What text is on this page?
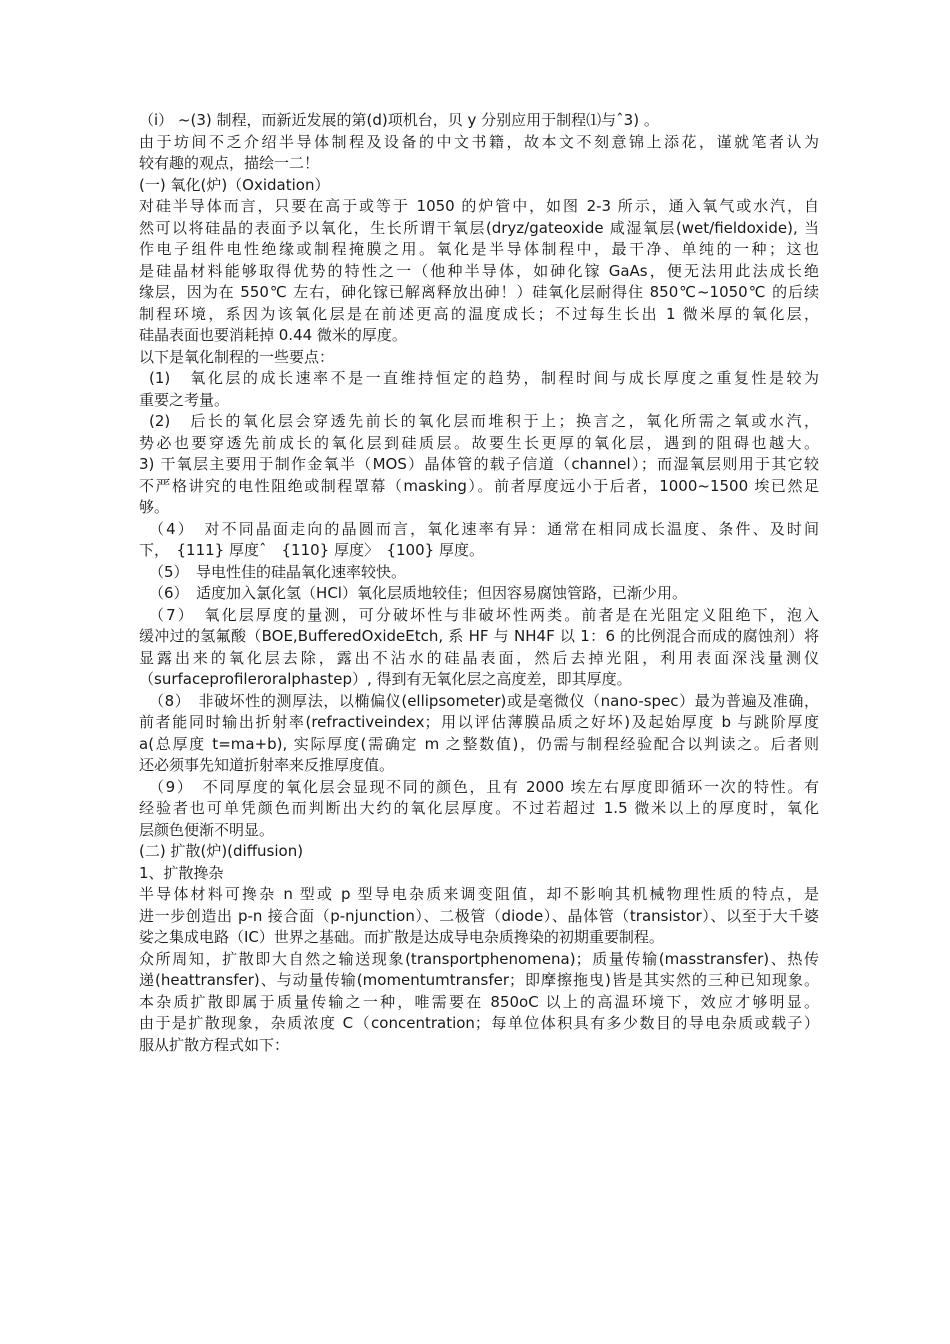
（i） ~(3) 制程，而新近发展的第(d)项机台，贝 y 分别应用于制程⑴与ˆ3) 。
由于坊间不乏介绍半导体制程及设备的中文书籍，故本文不刻意锦上添花，谨就笔者认为
较有趣的观点，描绘一二！
(一) 氧化(炉)（Oxidation）
对硅半导体而言，只要在高于或等于 1050 的炉管中，如图 2-3 所示，通入氧气或水汽，自
然可以将硅晶的表面予以氧化，生长所谓干氧层(dryz/gateoxide 咸湿氧层(wet/fieldoxide), 当
作电子组件电性绝缘或制程掩膜之用。氧化是半导体制程中，最干净、单纯的一种；这也
是硅晶材料能够取得优势的特性之一（他种半导体，如砷化镓 GaAs，便无法用此法成长绝
缘层，因为在 550℃ 左右，砷化镓已解离释放出砷！）硅氧化层耐得住 850℃~1050℃ 的后续
制程环境，系因为该氧化层是在前述更高的温度成长；不过每生长出 1 微米厚的氧化层，
硅晶表面也要消耗掉 0.44 微米的厚度。
以下是氧化制程的一些要点：
(1)　氧化层的成长速率不是一直维持恒定的趋势，制程时间与成长厚度之重复性是较为
重要之考量。
(2)　后长的氧化层会穿透先前长的氧化层而堆积于上；换言之，氧化所需之氧或水汽，
势必也要穿透先前成长的氧化层到硅质层。故要生长更厚的氧化层，遇到的阻碍也越大。
3) 干氧层主要用于制作金氧半（MOS）晶体管的载子信道（channel）；而湿氧层则用于其它较
不严格讲究的电性阻绝或制程罩幕（masking）。前者厚度远小于后者，1000~1500 埃已然足
够。
（4）　对不同晶面走向的晶圆而言，氧化速率有异：通常在相同成长温度、条件、及时间
下，　{111} 厚度ˆ　{110} 厚度〉　{100} 厚度。
（5）　导电性佳的硅晶氧化速率较快。
（6）　适度加入氯化氢（HCl）氧化层质地较佳；但因容易腐蚀管路，已渐少用。
（7）　氧化层厚度的量测，可分破坏性与非破坏性两类。前者是在光阻定义阻绝下，泡入
缓冲过的氢氟酸（BOE,BufferedOxideEtch, 系 HF 与 NH4F 以 1：6 的比例混合而成的腐蚀剂）将
显露出来的氧化层去除，露出不沾水的硅晶表面，然后去掉光阻，利用表面深浅量测仪
（surfaceprofileroralphastep）, 得到有无氧化层之高度差，即其厚度。
（8）　非破坏性的测厚法，以椭偏仪(ellipsometer)或是毫微仪（nano-spec）最为普遍及准确，
前者能同时输出折射率(refractiveindex；用以评估薄膜品质之好坏)及起始厚度 b 与跳阶厚度
a(总厚度 t=ma+b), 实际厚度(需确定 m 之整数值)，仍需与制程经验配合以判读之。后者则
还必须事先知道折射率来反推厚度值。
（9）　不同厚度的氧化层会显现不同的颜色，且有 2000 埃左右厚度即循环一次的特性。有
经验者也可单凭颜色而判断出大约的氧化层厚度。不过若超过 1.5 微米以上的厚度时，氧化
层颜色便渐不明显。
(二) 扩散(炉)(diffusion)
1、扩散搀杂
半导体材料可搀杂 n 型或 p 型导电杂质来调变阻值，却不影响其机械物理性质的特点，是
进一步创造出 p-n 接合面（p-njunction）、二极管（diode）、晶体管（transistor）、以至于大千婆
娑之集成电路（IC）世界之基础。而扩散是达成导电杂质搀染的初期重要制程。
众所周知，扩散即大自然之输送现象(transportphenomena)；质量传输(masstransfer)、热传
递(heattransfer)、与动量传输(momentumtransfer；即摩擦拖曳)皆是其实然的三种已知现象。
本杂质扩散即属于质量传输之一种，唯需要在 850oC 以上的高温环境下，效应才够明显。
由于是扩散现象，杂质浓度 C（concentration；每单位体积具有多少数目的导电杂质或载子）
服从扩散方程式如下：
